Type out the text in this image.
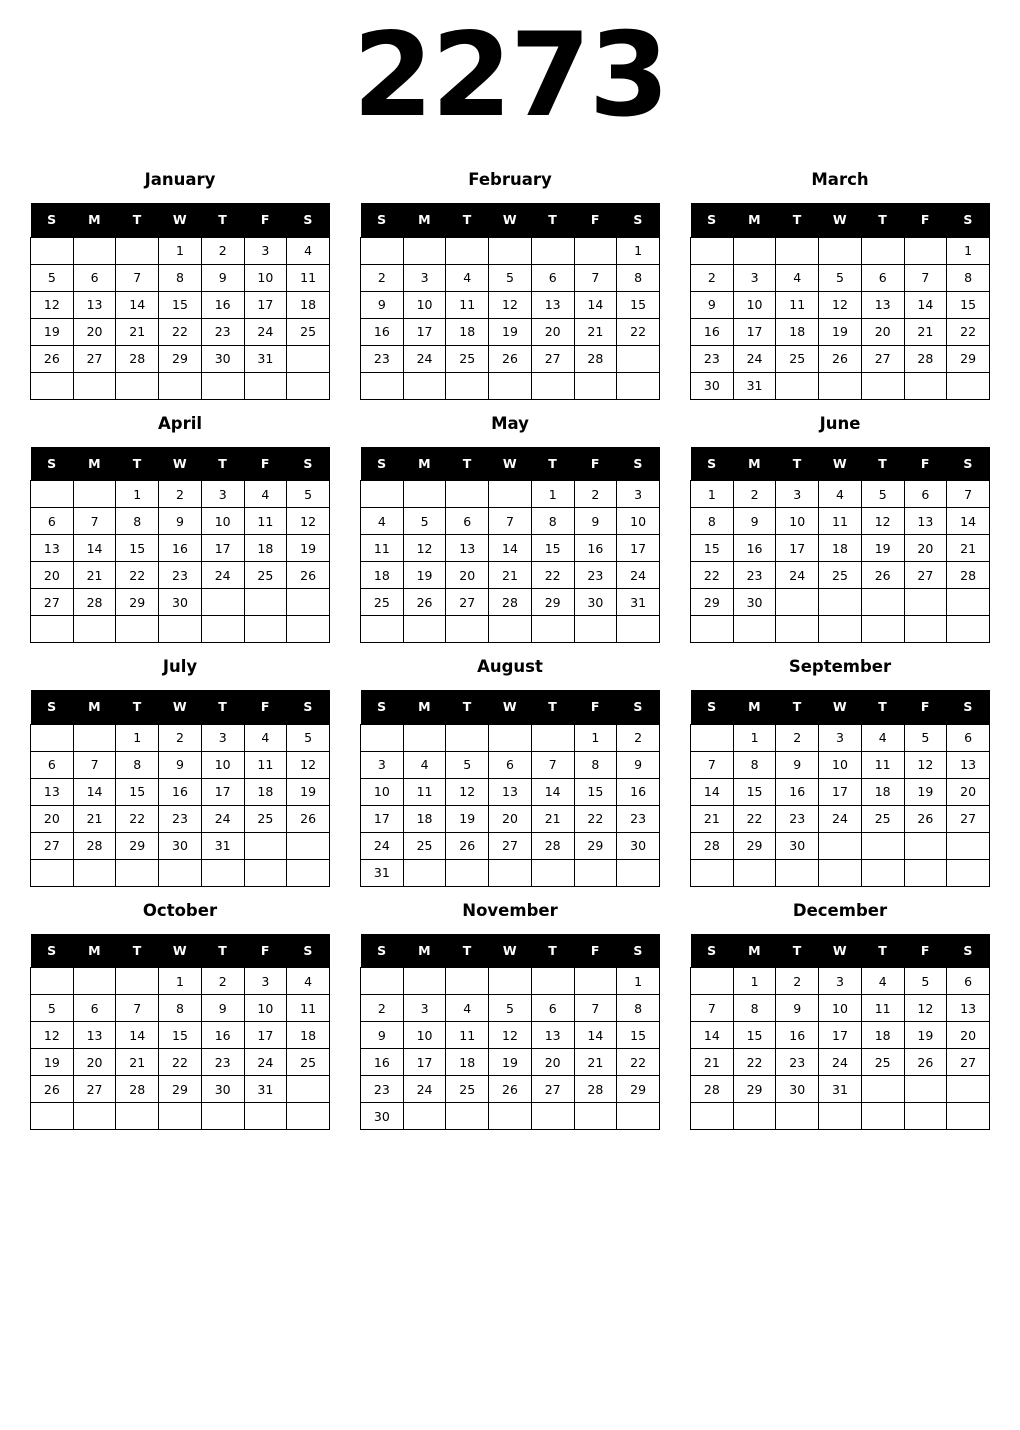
2273
January
S	M	T	W	T	F	S
			1	2	3	4
5	6	7	8	9	10	11
12	13	14	15	16	17	18
19	20	21	22	23	24	25
26	27	28	29	30	31	

February
S	M	T	W	T	F	S
						1
2	3	4	5	6	7	8
9	10	11	12	13	14	15
16	17	18	19	20	21	22
23	24	25	26	27	28	

March
S	M	T	W	T	F	S
						1
2	3	4	5	6	7	8
9	10	11	12	13	14	15
16	17	18	19	20	21	22
23	24	25	26	27	28	29
30	31					
April
S	M	T	W	T	F	S
		1	2	3	4	5
6	7	8	9	10	11	12
13	14	15	16	17	18	19
20	21	22	23	24	25	26
27	28	29	30			

May
S	M	T	W	T	F	S
				1	2	3
4	5	6	7	8	9	10
11	12	13	14	15	16	17
18	19	20	21	22	23	24
25	26	27	28	29	30	31

June
S	M	T	W	T	F	S
1	2	3	4	5	6	7
8	9	10	11	12	13	14
15	16	17	18	19	20	21
22	23	24	25	26	27	28
29	30					

July
S	M	T	W	T	F	S
		1	2	3	4	5
6	7	8	9	10	11	12
13	14	15	16	17	18	19
20	21	22	23	24	25	26
27	28	29	30	31		

August
S	M	T	W	T	F	S
					1	2
3	4	5	6	7	8	9
10	11	12	13	14	15	16
17	18	19	20	21	22	23
24	25	26	27	28	29	30
31						
September
S	M	T	W	T	F	S
	1	2	3	4	5	6
7	8	9	10	11	12	13
14	15	16	17	18	19	20
21	22	23	24	25	26	27
28	29	30				

October
S	M	T	W	T	F	S
			1	2	3	4
5	6	7	8	9	10	11
12	13	14	15	16	17	18
19	20	21	22	23	24	25
26	27	28	29	30	31	

November
S	M	T	W	T	F	S
						1
2	3	4	5	6	7	8
9	10	11	12	13	14	15
16	17	18	19	20	21	22
23	24	25	26	27	28	29
30						
December
S	M	T	W	T	F	S
	1	2	3	4	5	6
7	8	9	10	11	12	13
14	15	16	17	18	19	20
21	22	23	24	25	26	27
28	29	30	31			
